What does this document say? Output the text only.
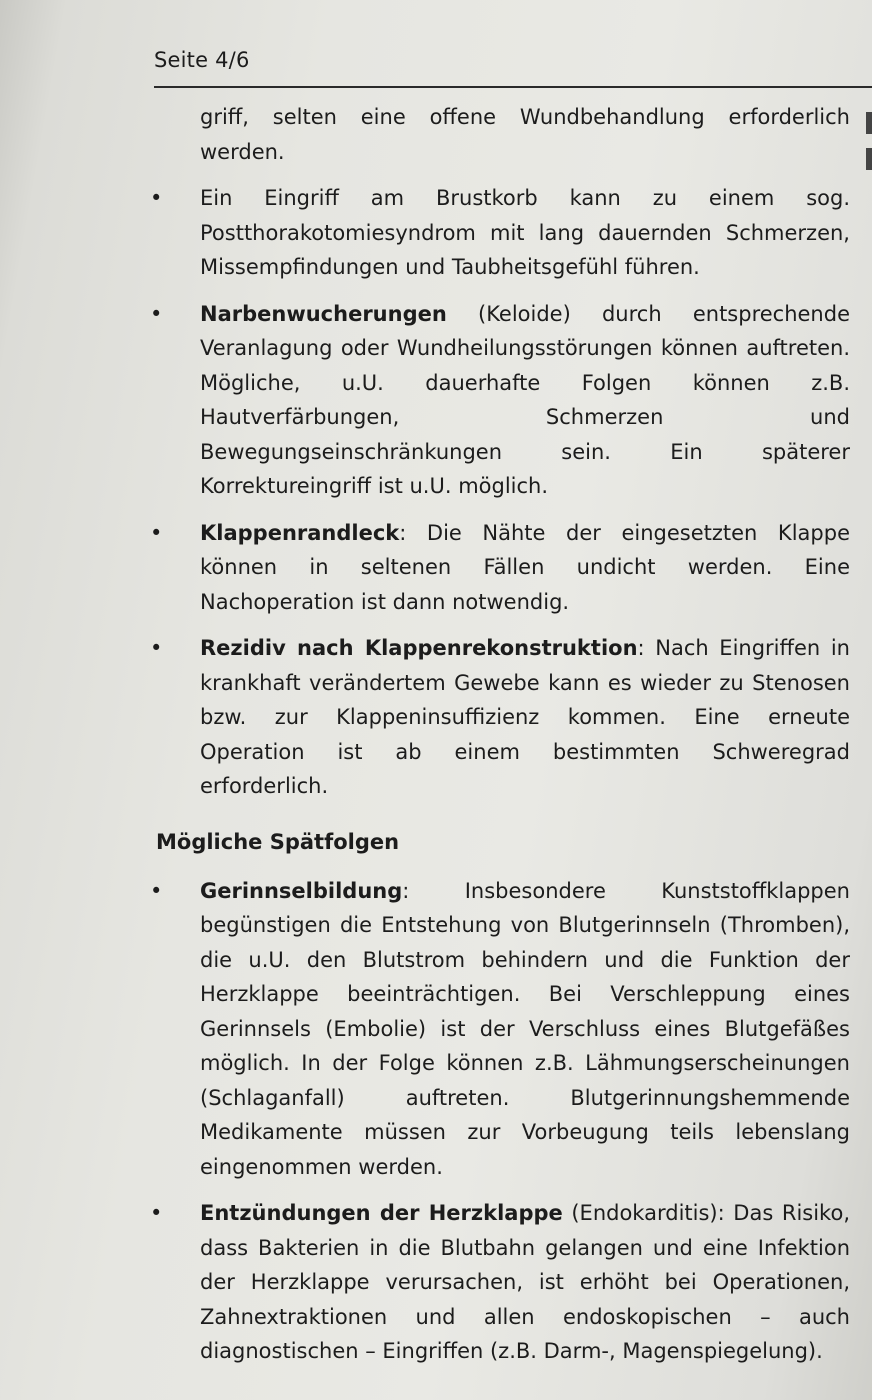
Seite 4/6
griff, selten eine offene Wundbehandlung erforderlich werden.
• Ein Eingriff am Brustkorb kann zu einem sog. Postthorakotomiesyndrom mit lang dauernden Schmerzen, Missempfindungen und Taubheitsgefühl führen.
• Narbenwucherungen (Keloide) durch entsprechende Veranlagung oder Wundheilungsstörungen können auftreten. Mögliche, u.U. dauerhafte Folgen können z.B. Hautverfärbungen, Schmerzen und Bewegungseinschränkungen sein. Ein späterer Korrektureingriff ist u.U. möglich.
• Klappenrandleck: Die Nähte der eingesetzten Klappe können in seltenen Fällen undicht werden. Eine Nachoperation ist dann notwendig.
• Rezidiv nach Klappenrekonstruktion: Nach Eingriffen in krankhaft verändertem Gewebe kann es wieder zu Stenosen bzw. zur Klappeninsuffizienz kommen. Eine erneute Operation ist ab einem bestimmten Schweregrad erforderlich.
Mögliche Spätfolgen
• Gerinnselbildung: Insbesondere Kunststoffklappen begünstigen die Entstehung von Blutgerinnseln (Thromben), die u.U. den Blutstrom behindern und die Funktion der Herzklappe beeinträchtigen. Bei Verschleppung eines Gerinnsels (Embolie) ist der Verschluss eines Blutgefäßes möglich. In der Folge können z.B. Lähmungserscheinungen (Schlaganfall) auftreten. Blutgerinnungshemmende Medikamente müssen zur Vorbeugung teils lebenslang eingenommen werden.
• Entzündungen der Herzklappe (Endokarditis): Das Risiko, dass Bakterien in die Blutbahn gelangen und eine Infektion der Herzklappe verursachen, ist erhöht bei Operationen, Zahnextraktionen und allen endoskopischen – auch diagnostischen – Eingriffen (z.B. Darm-, Magenspiegelung).
